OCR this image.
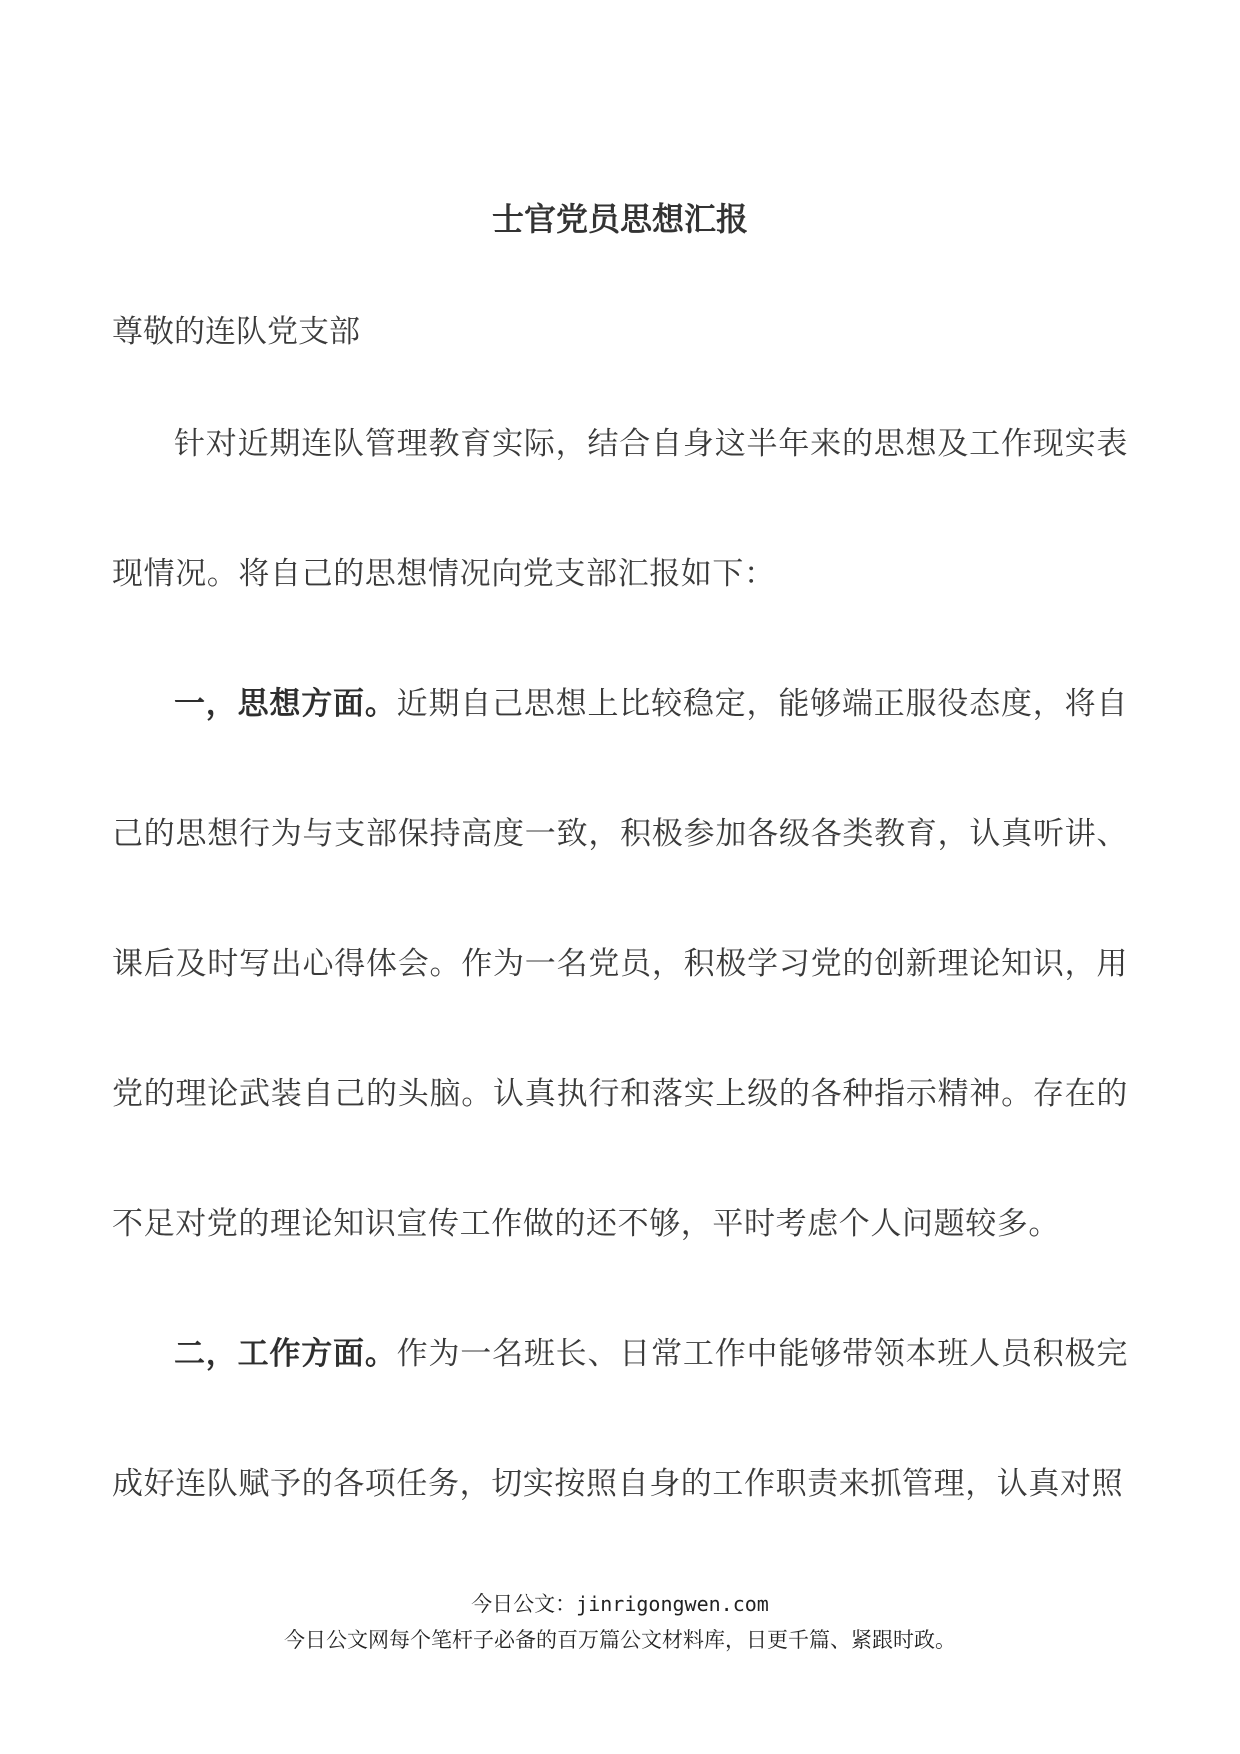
士官党员思想汇报

尊敬的连队党支部

针对近期连队管理教育实际，结合自身这半年来的思想及工作现实表现情况。将自己的思想情况向党支部汇报如下：

一，思想方面。近期自己思想上比较稳定，能够端正服役态度，将自己的思想行为与支部保持高度一致，积极参加各级各类教育，认真听讲、课后及时写出心得体会。作为一名党员，积极学习党的创新理论知识，用党的理论武装自己的头脑。认真执行和落实上级的各种指示精神。存在的不足对党的理论知识宣传工作做的还不够，平时考虑个人问题较多。

二，工作方面。作为一名班长、日常工作中能够带领本班人员积极完成好连队赋予的各项任务，切实按照自身的工作职责来抓管理，认真对照

今日公文：jinrigongwen.com
今日公文网每个笔杆子必备的百万篇公文材料库，日更千篇、紧跟时政。
